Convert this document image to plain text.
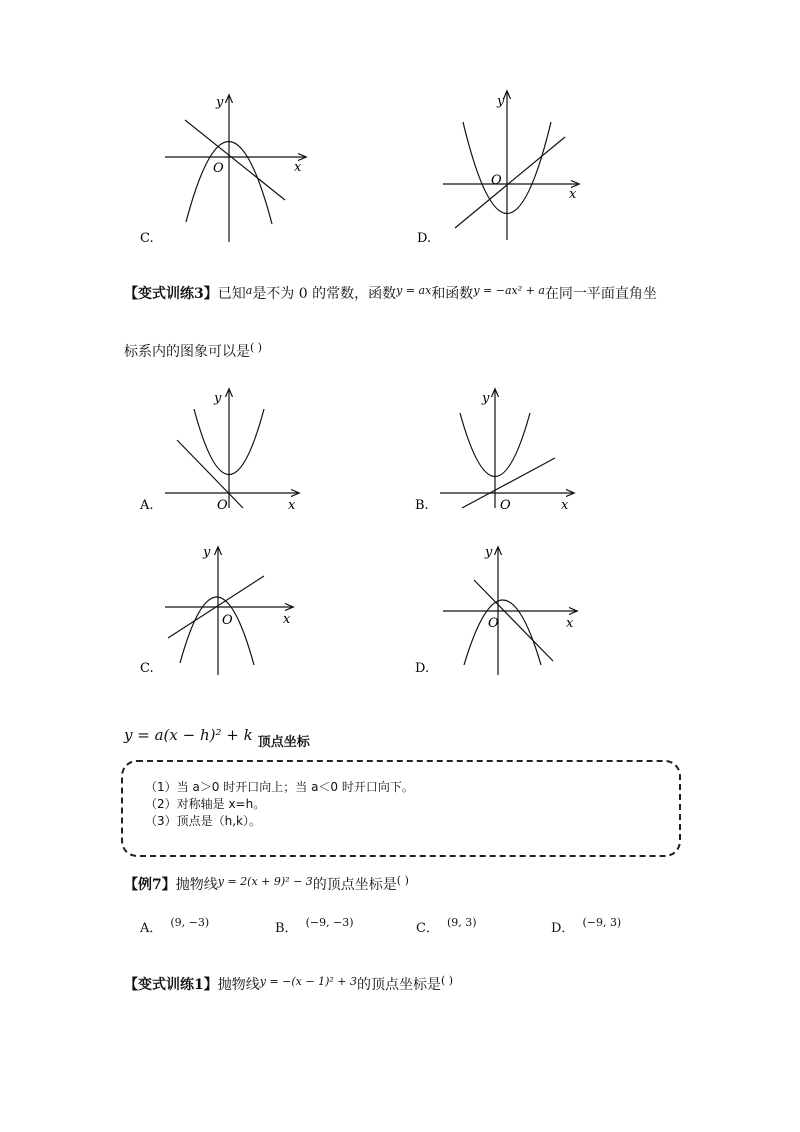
y
x
O
C.
y
x
O
D.
【变式训练3】已知$^a$是不为 0 的常数，函数$^{y = ax}$和函数$^{y = -ax^2 + a}$在同一平面直角坐
标系内的图象可以是( )
y
x
O
A.
y
x
O
B.
y
x
O
C.
y
x
O
D.
y = a(x − h)² + k $_{顶点坐标}$
（1）当 a＞0 时开口向上；当 a＜0 时开口向下。
（2）对称轴是 x=h。
（3）顶点是（h,k）。
【例7】抛物线$^{y = 2(x + 9)^2 - 3}$的顶点坐标是( )
A． $^{(9, -3)}$	B． $^{(-9, -3)}$	C． $^{(9, 3)}$	D． $^{(-9, 3)}$
【变式训练1】抛物线$^{y = -(x - 1)^2 + 3}$的顶点坐标是( )
